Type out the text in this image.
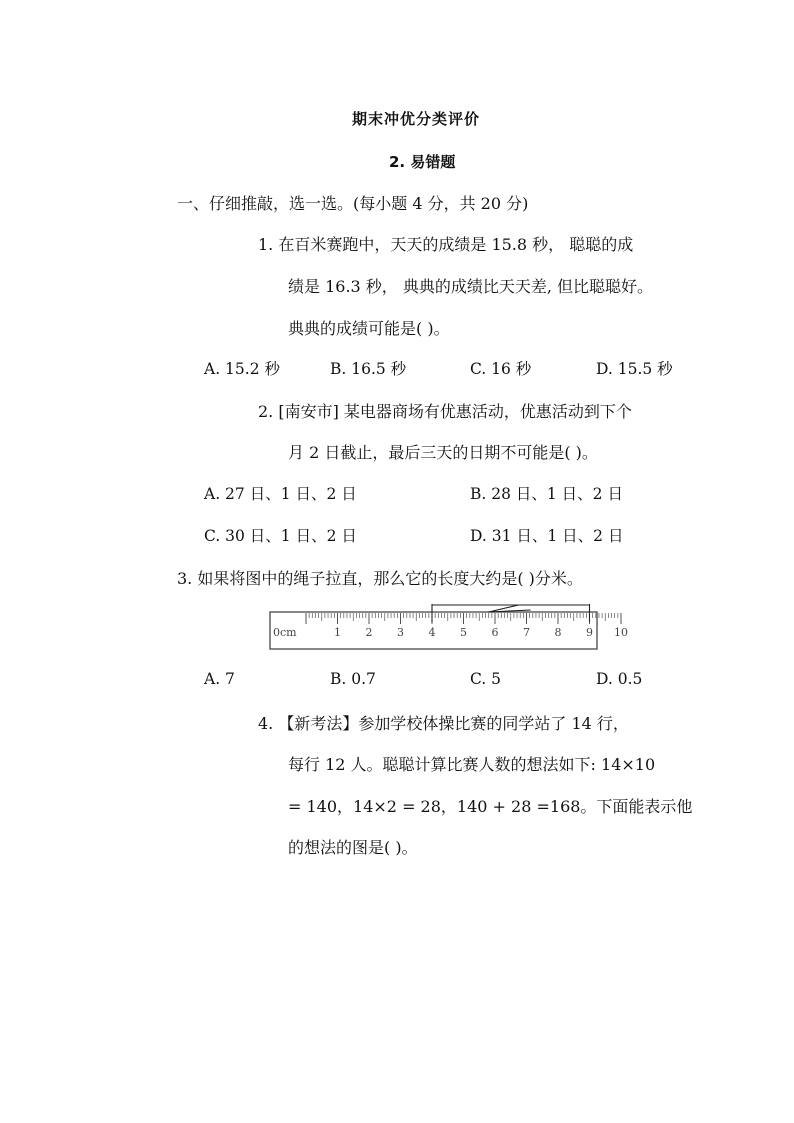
期末冲优分类评价
2. 易错题
一、仔细推敲，选一选。(每小题 4 分，共 20 分)
1. 在百米赛跑中，天天的成绩是 15.8 秒， 聪聪的成
绩是 16.3 秒， 典典的成绩比天天差, 但比聪聪好。
典典的成绩可能是( )。
A. 15.2 秒	B. 16.5 秒	C. 16 秒	D. 15.5 秒
2. [南安市] 某电器商场有优惠活动，优惠活动到下个
月 2 日截止，最后三天的日期不可能是( )。
A. 27 日、1 日、2 日	B. 28 日、1 日、2 日
C. 30 日、1 日、2 日	D. 31 日、1 日、2 日
3. 如果将图中的绳子拉直，那么它的长度大约是( )分米。
0cm	1 2 3 4 5 6 7 8 9 10
A. 7	B. 0.7	C. 5	D. 0.5
4. 【新考法】参加学校体操比赛的同学站了 14 行，
每行 12 人。聪聪计算比赛人数的想法如下: 14×10
= 140，14×2 = 28，140 + 28 =168。下面能表示他
的想法的图是( )。
